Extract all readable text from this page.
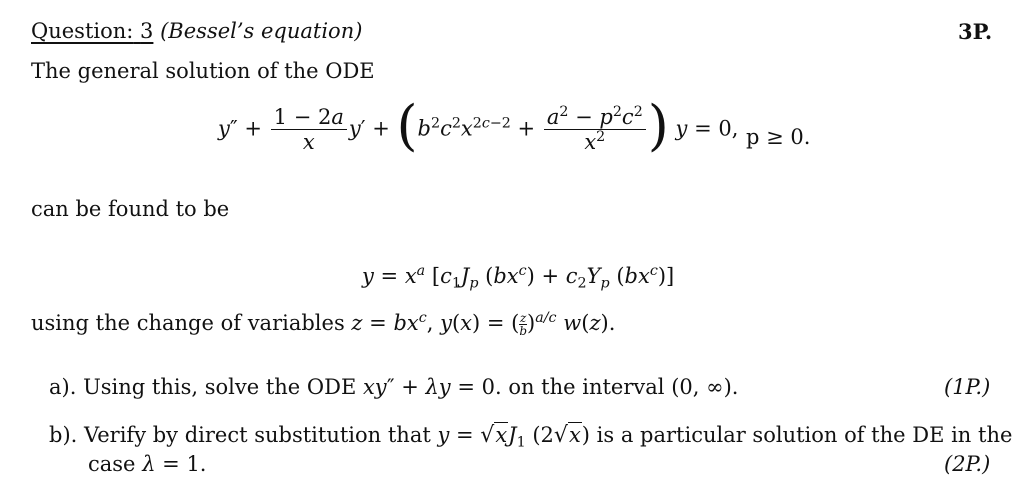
Question: 3 (Bessel’s equation)	3P.
The general solution of the ODE
$y'' + \frac{1 - 2a}{x} y' + (b^2c^2x^{2c-2} + \frac{a^2 - p^2c^2}{x^2}$ ) y = 0, p ≥ 0.
can be found to be
$y = x^a$ [$c_1J_p$ $(bx^c) + c_2Y_p$ $(bx^c)$]
using the change of variables $z = bx^c$, y(x) = ( $\frac{z}{b} )^{a/c}$ w(z).
a). Using this, solve the ODE xy″ + λy = 0. on the interval (0, ∞).	(1P.)
b). Verify by direct substitution that $y = √xJ_1$ (2√x) is a particular solution of the DE in the
case λ = 1.	(2P.)
